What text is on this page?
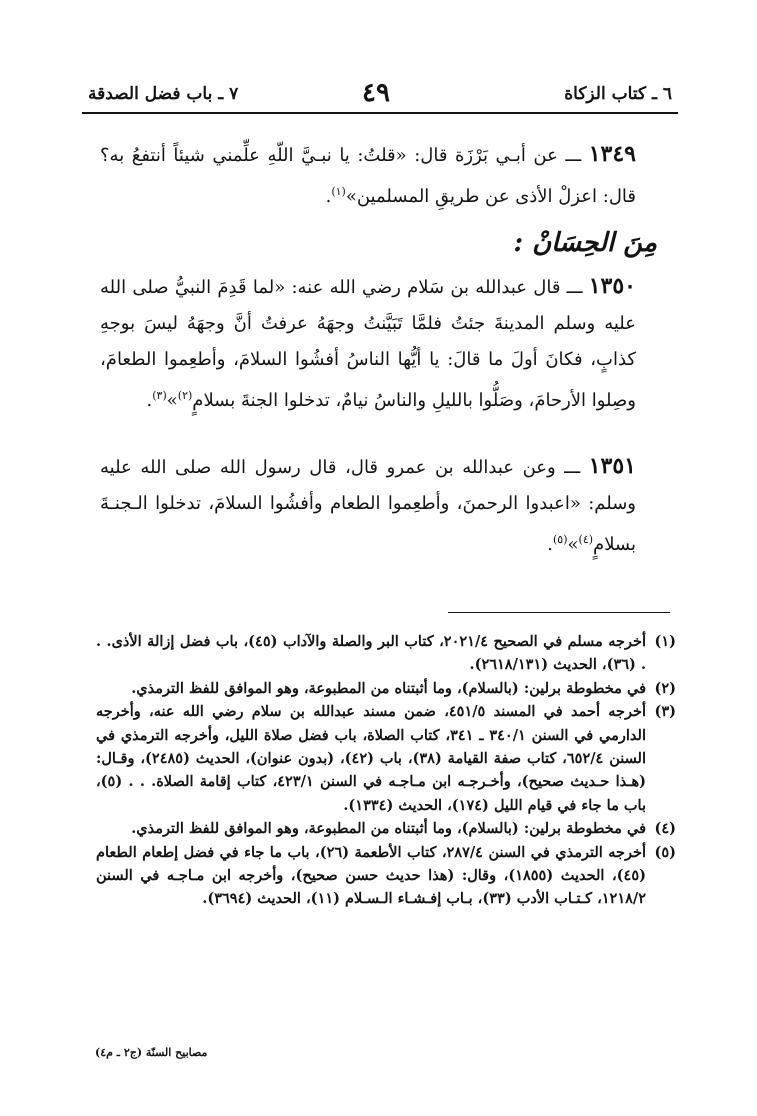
٦ ـ كتاب الزكاة
٤٩
٧ ـ باب فضل الصدقة

١٣٤٩ ـــ عن أبـي بَرْزَة قال: «قلتُ: يا نبـيَّ اللّهِ علِّمني شيئاً أنتفعُ به؟ قال: اعزلْ الأذى عن طريقِ المسلمين»$^{(١)}$.

مِنَ الحِسَانْ :

١٣٥٠ ـــ قال عبدالله بن سَلام رضي الله عنه: «لما قَدِمَ النبيُّ صلى الله عليه وسلم المدينةَ جئتُ فلمَّا تَبَيَّنتُ وجهَهُ عرفتُ أنَّ وجهَهُ ليسَ بوجهِ كذابٍ، فكانَ أولَ ما قالَ: يا أيُّها الناسُ أفشُوا السلامَ، وأطعِموا الطعامَ، وصِلوا الأرحامَ، وصَلُّوا بالليلِ والناسُ نيامٌ، تدخلوا الجنةَ بسلامٍ$^{(٢)}$»$^{(٣)}$.

١٣٥١ ـــ وعن عبدالله بن عمرو قال، قال رسول الله صلى الله عليه وسلم: «اعبدوا الرحمنَ، وأطعِموا الطعام وأفشُوا السلامَ، تدخلوا الـجنـةَ بسلامٍ$^{(٤)}$»$^{(٥)}$.

(١)
أخرجه مسلم في الصحيح ٢٠٢١/٤، كتاب البر والصلة والآداب (٤٥)، باب فضل إزالة الأذى. . . (٣٦)، الحديث (٢٦١٨/١٣١).
(٢)
في مخطوطة برلين: (بالسلام)، وما أثبتناه من المطبوعة، وهو الموافق للفظ الترمذي.
(٣)
أخرجه أحمد في المسند ٤٥١/٥، ضمن مسند عبدالله بن سلام رضي الله عنه، وأخرجه الدارمي في السنن ٣٤٠/١ ـ ٣٤١، كتاب الصلاة، باب فضل صلاة الليل، وأخرجه الترمذي في السنن ٦٥٢/٤، كتاب صفة القيامة (٣٨)، باب (٤٢)، (بدون عنوان)، الحديث (٢٤٨٥)، وقـال: (هـذا حـديث صحيح)، وأخـرجـه ابن مـاجـه في السنن ٤٢٣/١، كتاب إقامة الصلاة. . . (٥)، باب ما جاء في قيام الليل (١٧٤)، الحديث (١٣٣٤).
(٤)
في مخطوطة برلين: (بالسلام)، وما أثبتناه من المطبوعة، وهو الموافق للفظ الترمذي.
(٥)
أخرجه الترمذي في السنن ٢٨٧/٤، كتاب الأطعمة (٢٦)، باب ما جاء في فضل إطعام الطعام (٤٥)، الحديث (١٨٥٥)، وقال: (هذا حديث حسن صحيح)، وأخرجه ابن مـاجـه في السنن ١٢١٨/٢، كـتـاب الأدب (٣٣)، بـاب إفـشـاء الـسـلام (١١)، الحديث (٣٦٩٤).
مصابيح السنّة (ج٢ ـ م٤)
